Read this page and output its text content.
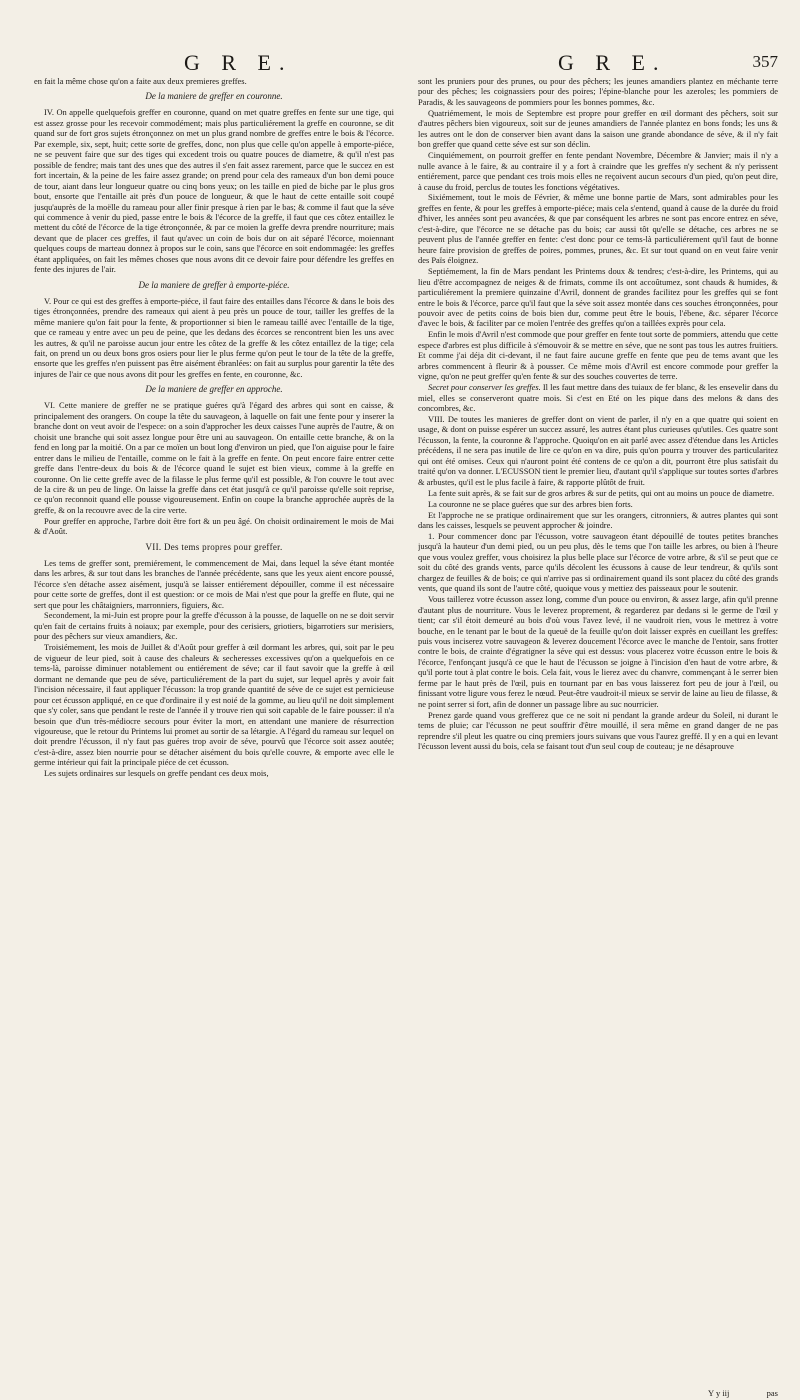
G R E.	G R E.	357

en fait la même chose qu'on a faite aux deux premieres greffes.

De la maniere de greffer en couronne.

IV. On appelle quelquefois greffer en couronne, quand on met quatre greffes en fente sur une tige, qui est assez grosse pour les recevoir commodément; mais plus particuliérement la greffe en couronne, se dit quand sur de fort gros sujets étronçonnez on met un plus grand nombre de greffes entre le bois & l'écorce. Par exemple, six, sept, huit; cette sorte de greffes, donc, non plus que celle qu'on appelle à emporte-piéce, ne se peuvent faire que sur des tiges qui excedent trois ou quatre pouces de diametre, & qu'il n'est pas possible de fendre; mais tant des unes que des autres il s'en fait assez rarement, parce que le succez en est fort incertain, & la peine de les faire assez grande; on prend pour cela des rameaux d'un bon demi pouce de tour, aiant dans leur longueur quatre ou cinq bons yeux; on les taille en pied de biche par le plus gros bout, ensorte que l'entaille ait près d'un pouce de longueur, & que le haut de cette entaille soit coupé jusqu'auprès de la moëlle du rameau pour aller finir presque à rien par le bas; & comme il faut que la séve qui commence à venir du pied, passe entre le bois & l'écorce de la greffe, il faut que ces côtez entaillez le mettent du côté de l'écorce de la tige étronçonnée, & par ce moien la greffe devra prendre nourriture; mais devant que de placer ces greffes, il faut qu'avec un coin de bois dur on ait séparé l'écorce, moiennant quelques coups de marteau donnez à propos sur le coin, sans que l'écorce en soit endommagée: les greffes étant appliquées, on fait les mêmes choses que nous avons dit ce devoir faire pour défendre les greffes en fente des injures de l'air.

De la maniere de greffer à emporte-piéce.

V. Pour ce qui est des greffes à emporte-piéce, il faut faire des entailles dans l'écorce & dans le bois des tiges étronçonnées, prendre des rameaux qui aient à peu près un pouce de tour, tailler les greffes de la même maniere qu'on fait pour la fente, & proportionner si bien le rameau taillé avec l'entaille de la tige, que ce rameau y entre avec un peu de peine, que les dedans des écorces se rencontrent bien les uns avec les autres, & qu'il ne paroisse aucun jour entre les côtez de la greffe & les côtez entaillez de la tige; cela fait, on prend un ou deux bons gros osiers pour lier le plus ferme qu'on peut le tour de la tête de la greffe, ensorte que les greffes n'en puissent pas être aisément ébranlées: on fait au surplus pour garentir la tête des injures de l'air ce que nous avons dit pour les greffes en fente, en couronne, &c.

De la maniere de greffer en approche.

VI. Cette maniere de greffer ne se pratique guéres qu'à l'égard des arbres qui sont en caisse, & principalement des orangers. On coupe la tête du sauvageon, à laquelle on fait une fente pour y inserer la branche dont on veut avoir de l'espece: on a soin d'approcher les deux caisses l'une auprès de l'autre, & on choisit une branche qui soit assez longue pour être uni au sauvageon. On entaille cette branche, & on la fend en long par la moitié. On a par ce moïen un bout long d'environ un pied, que l'on aiguise pour le faire entrer dans le milieu de l'entaille, comme on le fait à la greffe en fente. On peut encore faire entrer cette greffe dans l'entre-deux du bois & de l'écorce quand le sujet est bien vieux, comme à la greffe en couronne. On lie cette greffe avec de la filasse le plus ferme qu'il est possible, & l'on couvre le tout avec de la cire & un peu de linge. On laisse la greffe dans cet état jusqu'à ce qu'il paroisse qu'elle soit reprise, ce qu'on reconnoit quand elle pousse vigoureusement. Enfin on coupe la branche approchée auprès de la greffe, & on la recouvre avec de la cire verte.

Pour greffer en approche, l'arbre doit être fort & un peu âgé. On choisit ordinairement le mois de Mai & d'Août.

VII. Des tems propres pour greffer.

Les tems de greffer sont, premiérement, le commencement de Mai, dans lequel la séve étant montée dans les arbres, & sur tout dans les branches de l'année précédente, sans que les yeux aient encore poussé, l'écorce s'en détache assez aisément, jusqu'à se laisser entiérement dépouiller, comme il est nécessaire pour cette sorte de greffes, dont il est question: or ce mois de Mai n'est que pour la greffe en flute, qui ne sert que pour les châtaigniers, marronniers, figuiers, &c.

Secondement, la mi-Juin est propre pour la greffe d'écusson à la pousse, de laquelle on ne se doit servir qu'en fait de certains fruits à noiaux; par exemple, pour des cerisiers, griotiers, bigarrotiers sur merisiers, pour des pêchers sur vieux amandiers, &c.

Troisiémement, les mois de Juillet & d'Août pour greffer à œil dormant les arbres, qui, soit par le peu de vigueur de leur pied, soit à cause des chaleurs & secheresses excessives qu'on a quelquefois en ce tems-là, paroisse diminuer notablement ou entiérement de séve; car il faut savoir que la greffe à œil dormant ne demande que peu de séve, particuliérement de la part du sujet, sur lequel après y avoir fait l'incision nécessaire, il faut appliquer l'écusson: la trop grande quantité de séve de ce sujet est pernicieuse pour cet écusson appliqué, en ce que d'ordinaire il y est noié de la gomme, au lieu qu'il ne doit simplement que s'y coler, sans que pendant le reste de l'année il y trouve rien qui soit capable de le faire pousser: il n'a besoin que d'un très-médiocre secours pour éviter la mort, en attendant une maniere de résurrection vigoureuse, que le retour du Printems lui promet au sortir de sa létargie. A l'égard du rameau sur lequel on doit prendre l'écusson, il n'y faut pas guéres trop avoir de séve, pourvû que l'écorce soit assez aoutée; c'est-à-dire, assez bien nourrie pour se détacher aisément du bois qu'elle couvre, & emporte avec elle le germe intérieur qui fait la principale piéce de cet écusson.

Les sujets ordinaires sur lesquels on greffe pendant ces deux mois,

sont les pruniers pour des prunes, ou pour des pêchers; les jeunes amandiers plantez en méchante terre pour des pêches; les coignassiers pour des poires; l'épine-blanche pour les azeroles; les pommiers de Paradis, & les sauvageons de pommiers pour les bonnes pommes, &c.

Quatriémement, le mois de Septembre est propre pour greffer en œil dormant des pêchers, soit sur d'autres pêchers bien vigoureux, soit sur de jeunes amandiers de l'année plantez en bons fonds; les uns & les autres ont le don de conserver bien avant dans la saison une grande abondance de séve, & il n'y fait bon greffer que quand cette séve est sur son déclin.

Cinquiémement, on pourroit greffer en fente pendant Novembre, Décembre & Janvier; mais il n'y a nulle avance à le faire, & au contraire il y a fort à craindre que les greffes n'y sechent & n'y perissent entiérement, parce que pendant ces trois mois elles ne reçoivent aucun secours d'un pied, qu'on peut dire, à cause du froid, perclus de toutes les fonctions végétatives.

Sixiémement, tout le mois de Février, & même une bonne partie de Mars, sont admirables pour les greffes en fente, & pour les greffes à emporte-piéce; mais cela s'entend, quand à cause de la durée du froid d'hiver, les années sont peu avancées, & que par conséquent les arbres ne sont pas encore entrez en séve, c'est-à-dire, que l'écorce ne se détache pas du bois; car aussi tôt qu'elle se détache, ces arbres ne se peuvent plus de l'année greffer en fente: c'est donc pour ce tems-là particuliérement qu'il faut de bonne heure faire provision de greffes de poires, pommes, prunes, &c. Et sur tout quand on en veut faire venir des Païs éloignez.

Septiémement, la fin de Mars pendant les Printems doux & tendres; c'est-à-dire, les Printems, qui au lieu d'être accompagnez de neiges & de frimats, comme ils ont accoûtumez, sont chauds & humides, & particuliérement la premiere quinzaine d'Avril, donnent de grandes facilitez pour les greffes qui se font entre le bois & l'écorce, parce qu'il faut que la séve soit assez montée dans ces souches étronçonnées, pour pouvoir avec de petits coins de bois bien dur, comme peut être le bouis, l'ébene, &c. séparer l'écorce d'avec le bois, & faciliter par ce moïen l'entrée des greffes qu'on a taillées exprès pour cela.

Enfin le mois d'Avril n'est commode que pour greffer en fente tout sorte de pommiers, attendu que cette espece d'arbres est plus difficile à s'émouvoir & se mettre en séve, que ne sont pas tous les autres fruitiers. Et comme j'ai déja dit ci-devant, il ne faut faire aucune greffe en fente que peu de tems avant que les arbres commencent à fleurir & à pousser. Ce même mois d'Avril est encore commode pour greffer la vigne, qu'on ne peut greffer qu'en fente & sur des souches couvertes de terre.

Secret pour conserver les greffes. Il les faut mettre dans des tuiaux de fer blanc, & les ensevelir dans du miel, elles se conserveront quatre mois. Si c'est en Eté on les pique dans des melons & dans des concombres, &c.

VIII. De toutes les manieres de greffer dont on vient de parler, il n'y en a que quatre qui soient en usage, & dont on puisse espérer un succez assuré, les autres étant plus curieuses qu'utiles. Ces quatre sont l'écusson, la fente, la couronne & l'approche. Quoiqu'on en ait parlé avec assez d'étendue dans les Articles précédens, il ne sera pas inutile de lire ce qu'on en va dire, puis qu'on pourra y trouver des particularitez qui ont été omises. Ceux qui n'auront point été contens de ce qu'on a dit, pourront être plus satisfait du traité qu'on va donner. L'ECUSSON tient le premier lieu, d'autant qu'il s'applique sur toutes sortes d'arbres & arbustes, qu'il est le plus facile à faire, & rapporte plûtôt de fruit.

La fente suit après, & se fait sur de gros arbres & sur de petits, qui ont au moins un pouce de diametre.

La couronne ne se place guéres que sur des arbres bien forts.

Et l'approche ne se pratique ordinairement que sur les orangers, citronniers, & autres plantes qui sont dans les caisses, lesquels se peuvent approcher & joindre.

1. Pour commencer donc par l'écusson, votre sauvageon étant dépouillé de toutes petites branches jusqu'à la hauteur d'un demi pied, ou un peu plus, dès le tems que l'on taille les arbres, ou bien à l'heure que vous voulez greffer, vous choisirez la plus belle place sur l'écorce de votre arbre, & s'il se peut que ce soit du côté des grands vents, parce qu'ils décolent les écussons à cause de leur tendreur, & qu'ils sont chargez de feuilles & de bois; ce qui n'arrive pas si ordinairement quand ils sont placez du côté des grands vents, que quand ils sont de l'autre côté, quoique vous y mettiez des paisseaux pour le soutenir.

Vous taillerez votre écusson assez long, comme d'un pouce ou environ, & assez large, afin qu'il prenne d'autant plus de nourriture. Vous le leverez proprement, & regarderez par dedans si le germe de l'œil y tient; car s'il étoit demeuré au bois d'où vous l'avez levé, il ne vaudroit rien, vous le mettrez à votre bouche, en le tenant par le bout de la queuë de la feuille qu'on doit laisser exprès en cueillant les greffes: puis vous inciserez votre sauvageon & leverez doucement l'écorce avec le manche de l'entoir, sans frotter contre le bois, de crainte d'égratigner la séve qui est dessus: vous placerez votre écusson entre le bois & l'écorce, l'enfonçant jusqu'à ce que le haut de l'écusson se joigne à l'incision d'en haut de votre arbre, & qu'il porte tout à plat contre le bois. Cela fait, vous le lierez avec du chanvre, commençant à le serrer bien ferme par le haut près de l'œil, puis en tournant par en bas vous laisserez fort peu de jour à l'œil, ou finissant votre ligure vous ferez le nœud. Peut-être vaudroit-il mieux se servir de laine au lieu de filasse, & ne point serrer si fort, afin de donner un passage libre au suc nourricier.

Prenez garde quand vous grefferez que ce ne soit ni pendant la grande ardeur du Soleil, ni durant le tems de pluie; car l'écusson ne peut souffrir d'être mouillé, il sera même en grand danger de ne pas reprendre s'il pleut les quatre ou cinq premiers jours suivans que vous l'aurez greffé. Il y en a qui en levant l'écusson levent aussi du bois, cela se faisant tout d'un seul coup de couteau; je ne désaprouve

Y y iij	pas
